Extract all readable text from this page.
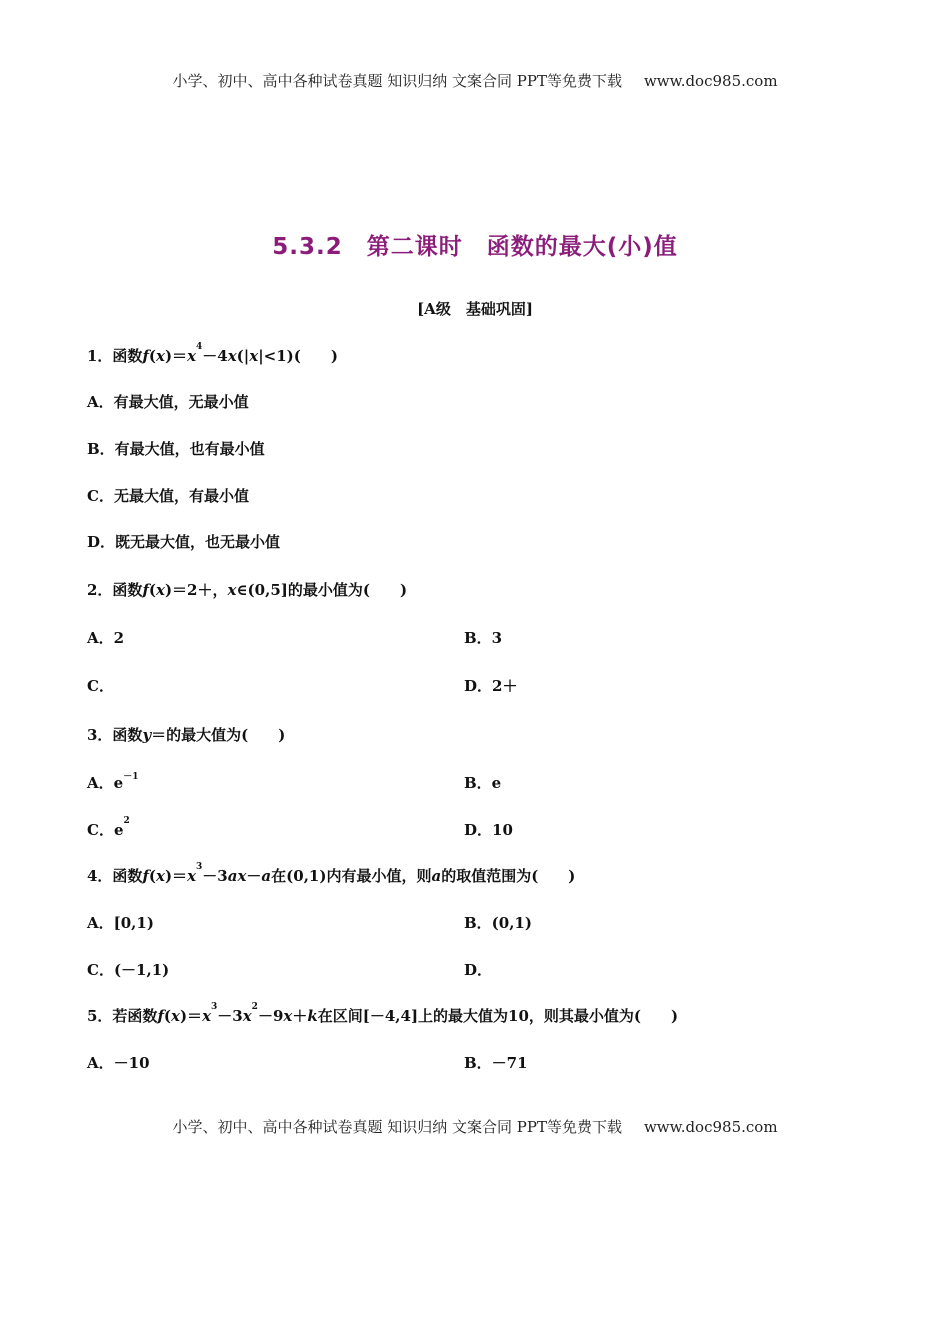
小学、初中、高中各种试卷真题 知识归纳 文案合同 PPT等免费下载 www.doc985.com
5.3.2　第二课时　函数的最大(小)值
[A级　基础巩固]
1．函数$f(x)=x^4-4x(|x|<1)$(　　)
A．有最大值，无最小值
B．有最大值，也有最小值
C．无最大值，有最小值
D．既无最大值，也无最小值
2．函数f(x)＝2＋，x∈(0,5]的最小值为(　　)
A．2	B．3
C．	D．2＋
3．函数y＝的最大值为(　　)
A．$e^{-1}$	B．e
C．$e^2$	D．10
4．函数$f(x)=x^3-3ax-a$在(0,1)内有最小值，则a的取值范围为(　　)
A．[0,1)	B．(0,1)
C．(－1,1)	D．
5．若函数$f(x)=x^3-3x^2-9x+k$在区间[－4,4]上的最大值为10，则其最小值为(　　)
A．－10	B．－71
小学、初中、高中各种试卷真题 知识归纳 文案合同 PPT等免费下载 www.doc985.com
